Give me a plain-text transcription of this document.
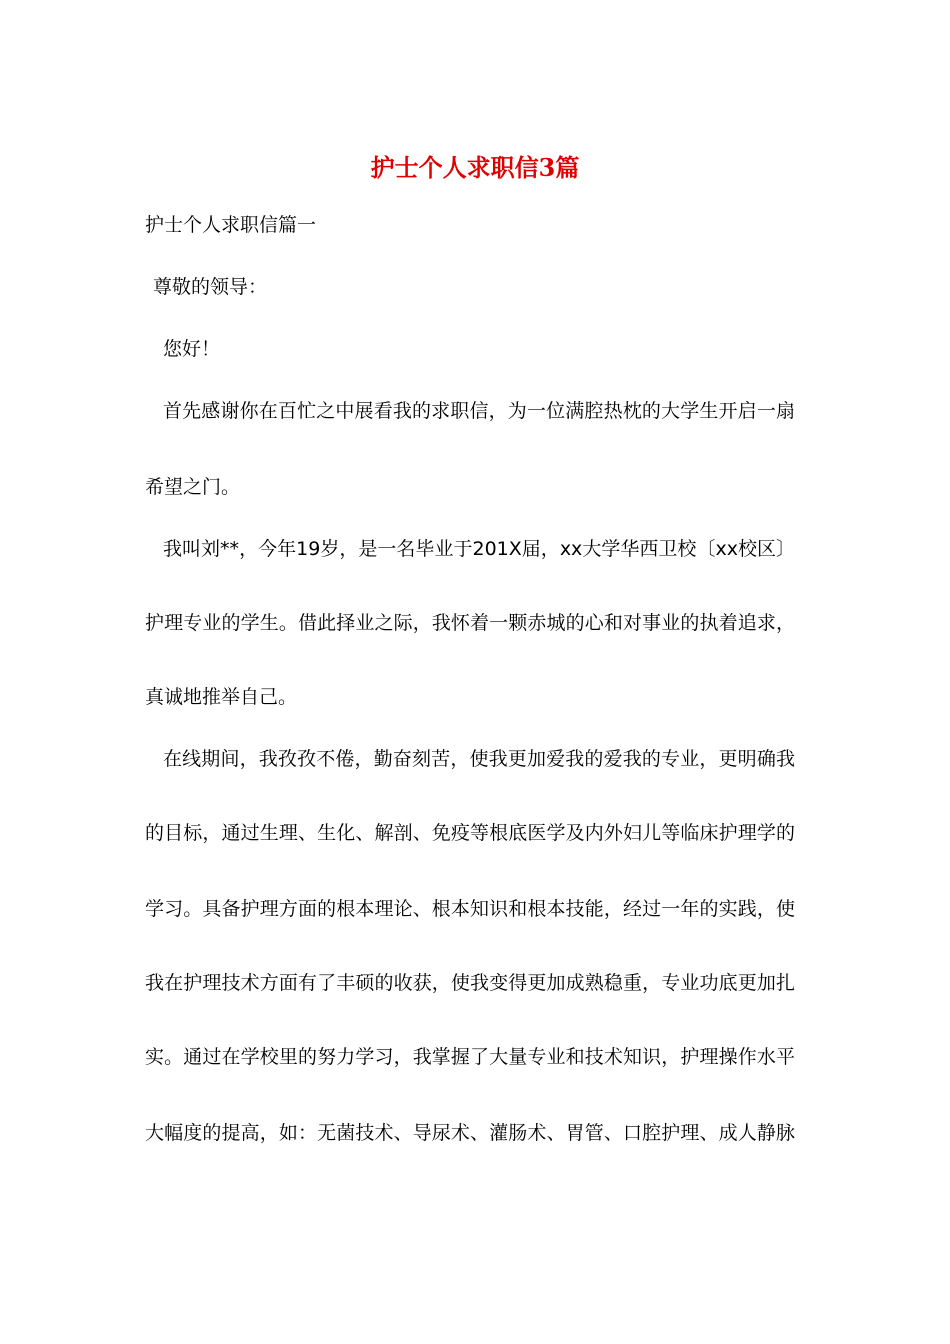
护士个人求职信3篇
护士个人求职信篇一
尊敬的领导：
您好！
首先感谢你在百忙之中展看我的求职信，为一位满腔热枕的大学生开启一扇
希望之门。
我叫刘**，今年19岁，是一名毕业于201X届，xx大学华西卫校〔xx校区〕
护理专业的学生。借此择业之际，我怀着一颗赤城的心和对事业的执着追求，
真诚地推举自己。
在线期间，我孜孜不倦，勤奋刻苦，使我更加爱我的爱我的专业，更明确我
的目标，通过生理、生化、解剖、免疫等根底医学及内外妇儿等临床护理学的
学习。具备护理方面的根本理论、根本知识和根本技能，经过一年的实践，使
我在护理技术方面有了丰硕的收获，使我变得更加成熟稳重，专业功底更加扎
实。通过在学校里的努力学习，我掌握了大量专业和技术知识，护理操作水平
大幅度的提高，如：无菌技术、导尿术、灌肠术、胃管、口腔护理、成人静脉
